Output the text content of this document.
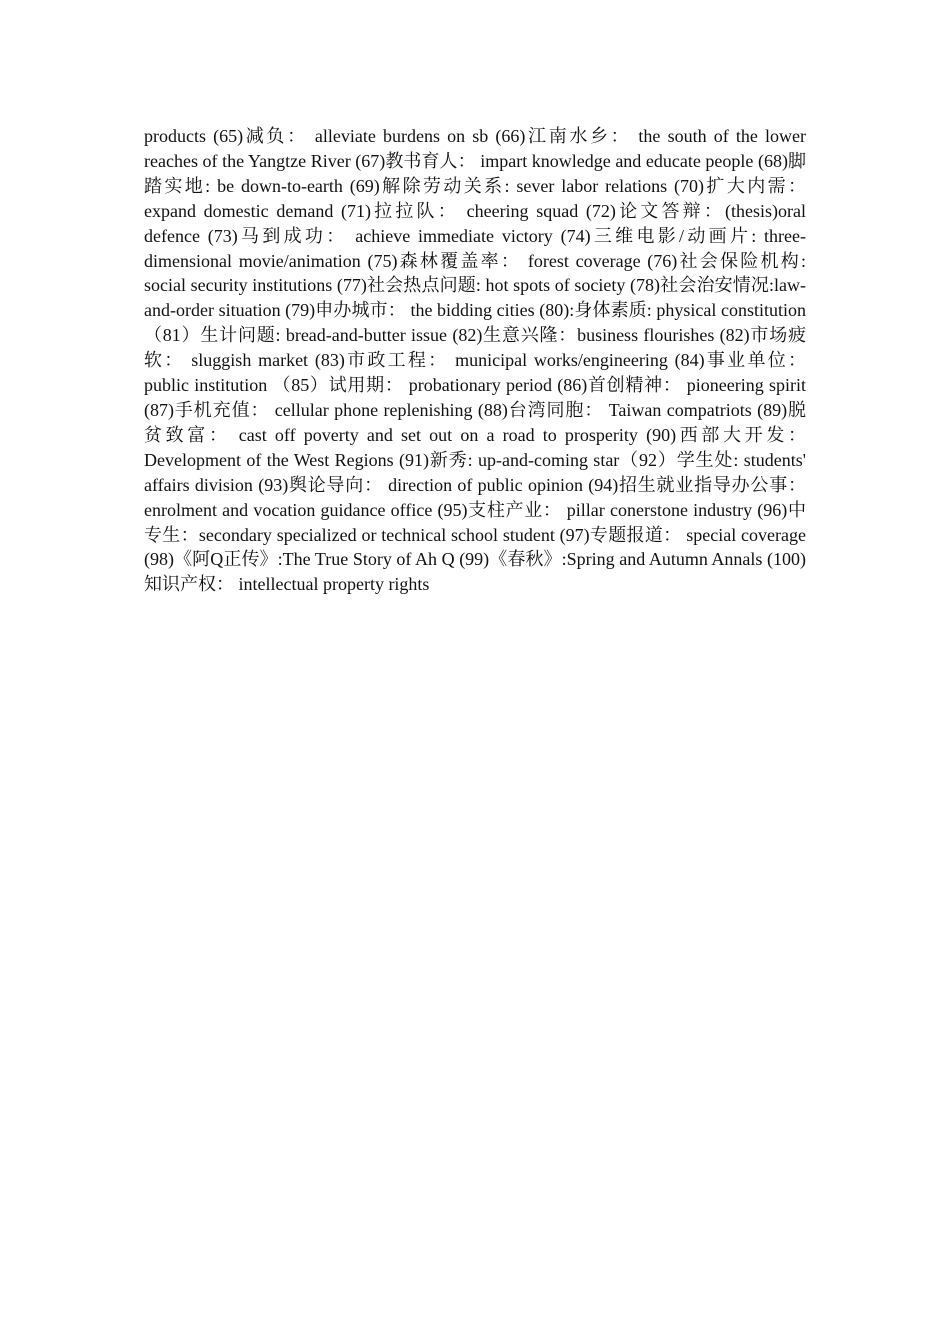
products (65)减负： alleviate burdens on sb (66)江南水乡： the south of the lower reaches of the Yangtze River (67)教书育人： impart knowledge and educate people (68)脚踏实地: be down-to-earth (69)解除劳动关系: sever labor relations (70)扩大内需： expand domestic demand (71)拉拉队： cheering squad (72)论文答辩：(thesis)oral defence (73)马到成功： achieve immediate victory (74)三维电影/动画片: three-dimensional movie/animation (75)森林覆盖率： forest coverage (76)社会保险机构: social security institutions (77)社会热点问题: hot spots of society (78)社会治安情况:law-and-order situation (79)申办城市： the bidding cities (80):身体素质: physical constitution（81）生计问题: bread-and-butter issue (82)生意兴隆：business flourishes (82)市场疲软： sluggish market (83)市政工程： municipal works/engineering (84)事业单位： public institution （85）试用期： probationary period (86)首创精神： pioneering spirit (87)手机充值： cellular phone replenishing (88)台湾同胞： Taiwan compatriots (89)脱贫致富： cast off poverty and set out on a road to prosperity (90)西部大开发： Development of the West Regions (91)新秀: up-and-coming star（92）学生处: students' affairs division (93)舆论导向： direction of public opinion (94)招生就业指导办公事： enrolment and vocation guidance office (95)支柱产业： pillar conerstone industry (96)中专生：secondary specialized or technical school student (97)专题报道： special coverage (98)《阿Q正传》:The True Story of Ah Q (99)《春秋》:Spring and Autumn Annals (100)知识产权： intellectual property rights
